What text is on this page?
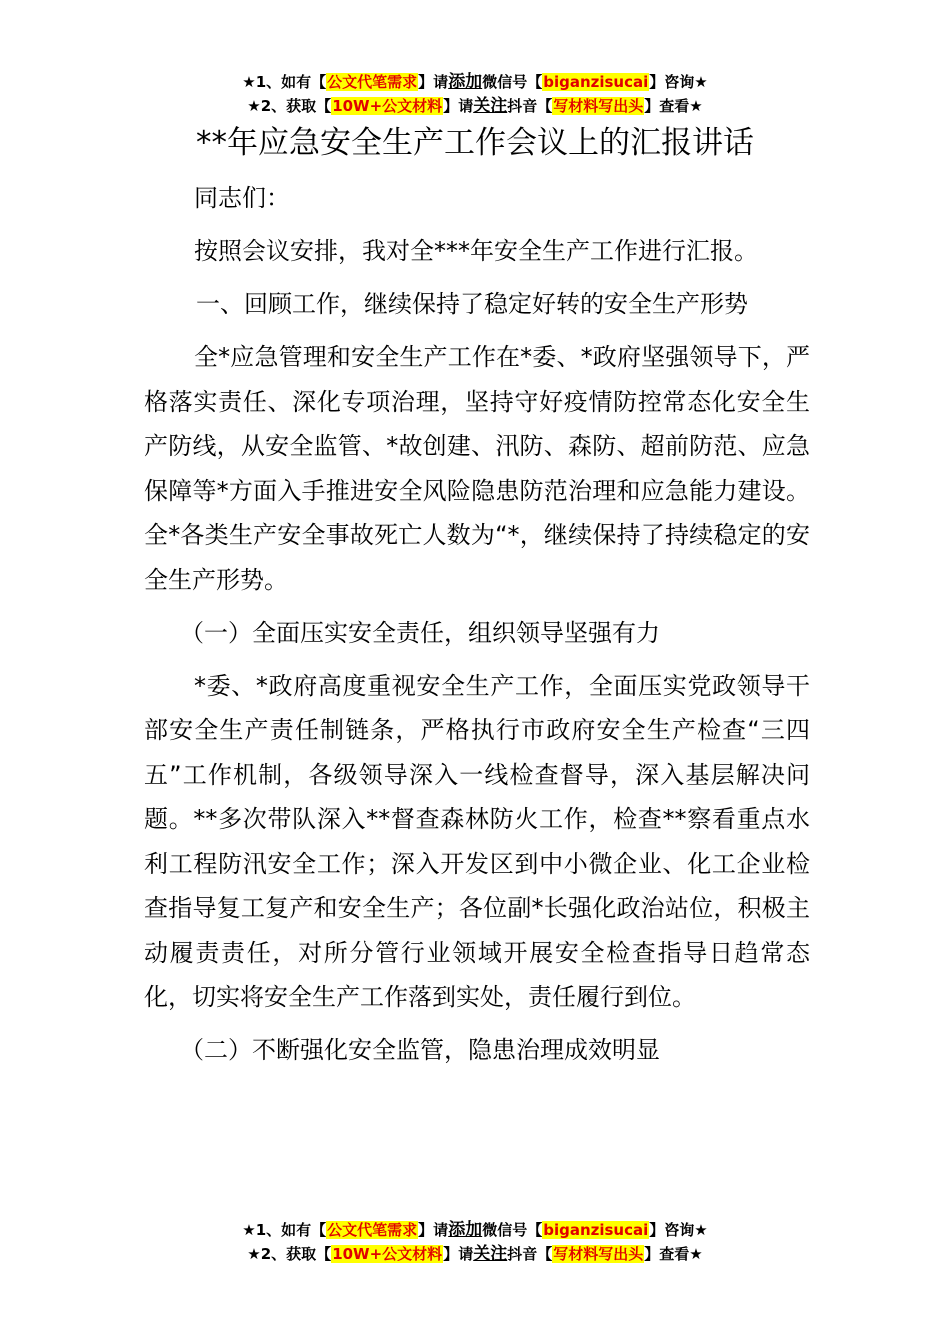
★1、如有【公文代笔需求】请添加微信号【biganzisucai】咨询★
★2、获取【10W+公文材料】请关注抖音【写材料写出头】查看★
**年应急安全生产工作会议上的汇报讲话

同志们：

按照会议安排，我对全***年安全生产工作进行汇报。

一、回顾工作，继续保持了稳定好转的安全生产形势

全*应急管理和安全生产工作在*委、*政府坚强领导下，严格落实责任、深化专项治理，坚持守好疫情防控常态化安全生产防线，从安全监管、*故创建、汛防、森防、超前防范、应急保障等*方面入手推进安全风险隐患防范治理和应急能力建设。全*各类生产安全事故死亡人数为“*，继续保持了持续稳定的安全生产形势。

（一）全面压实安全责任，组织领导坚强有力

*委、*政府高度重视安全生产工作，全面压实党政领导干部安全生产责任制链条，严格执行市政府安全生产检查“三四五”工作机制，各级领导深入一线检查督导，深入基层解决问题。**多次带队深入**督查森林防火工作，检查**察看重点水利工程防汛安全工作；深入开发区到中小微企业、化工企业检查指导复工复产和安全生产；各位副*长强化政治站位，积极主动履责责任，对所分管行业领域开展安全检查指导日趋常态化，切实将安全生产工作落到实处，责任履行到位。

（二）不断强化安全监管，隐患治理成效明显

★1、如有【公文代笔需求】请添加微信号【biganzisucai】咨询★
★2、获取【10W+公文材料】请关注抖音【写材料写出头】查看★
